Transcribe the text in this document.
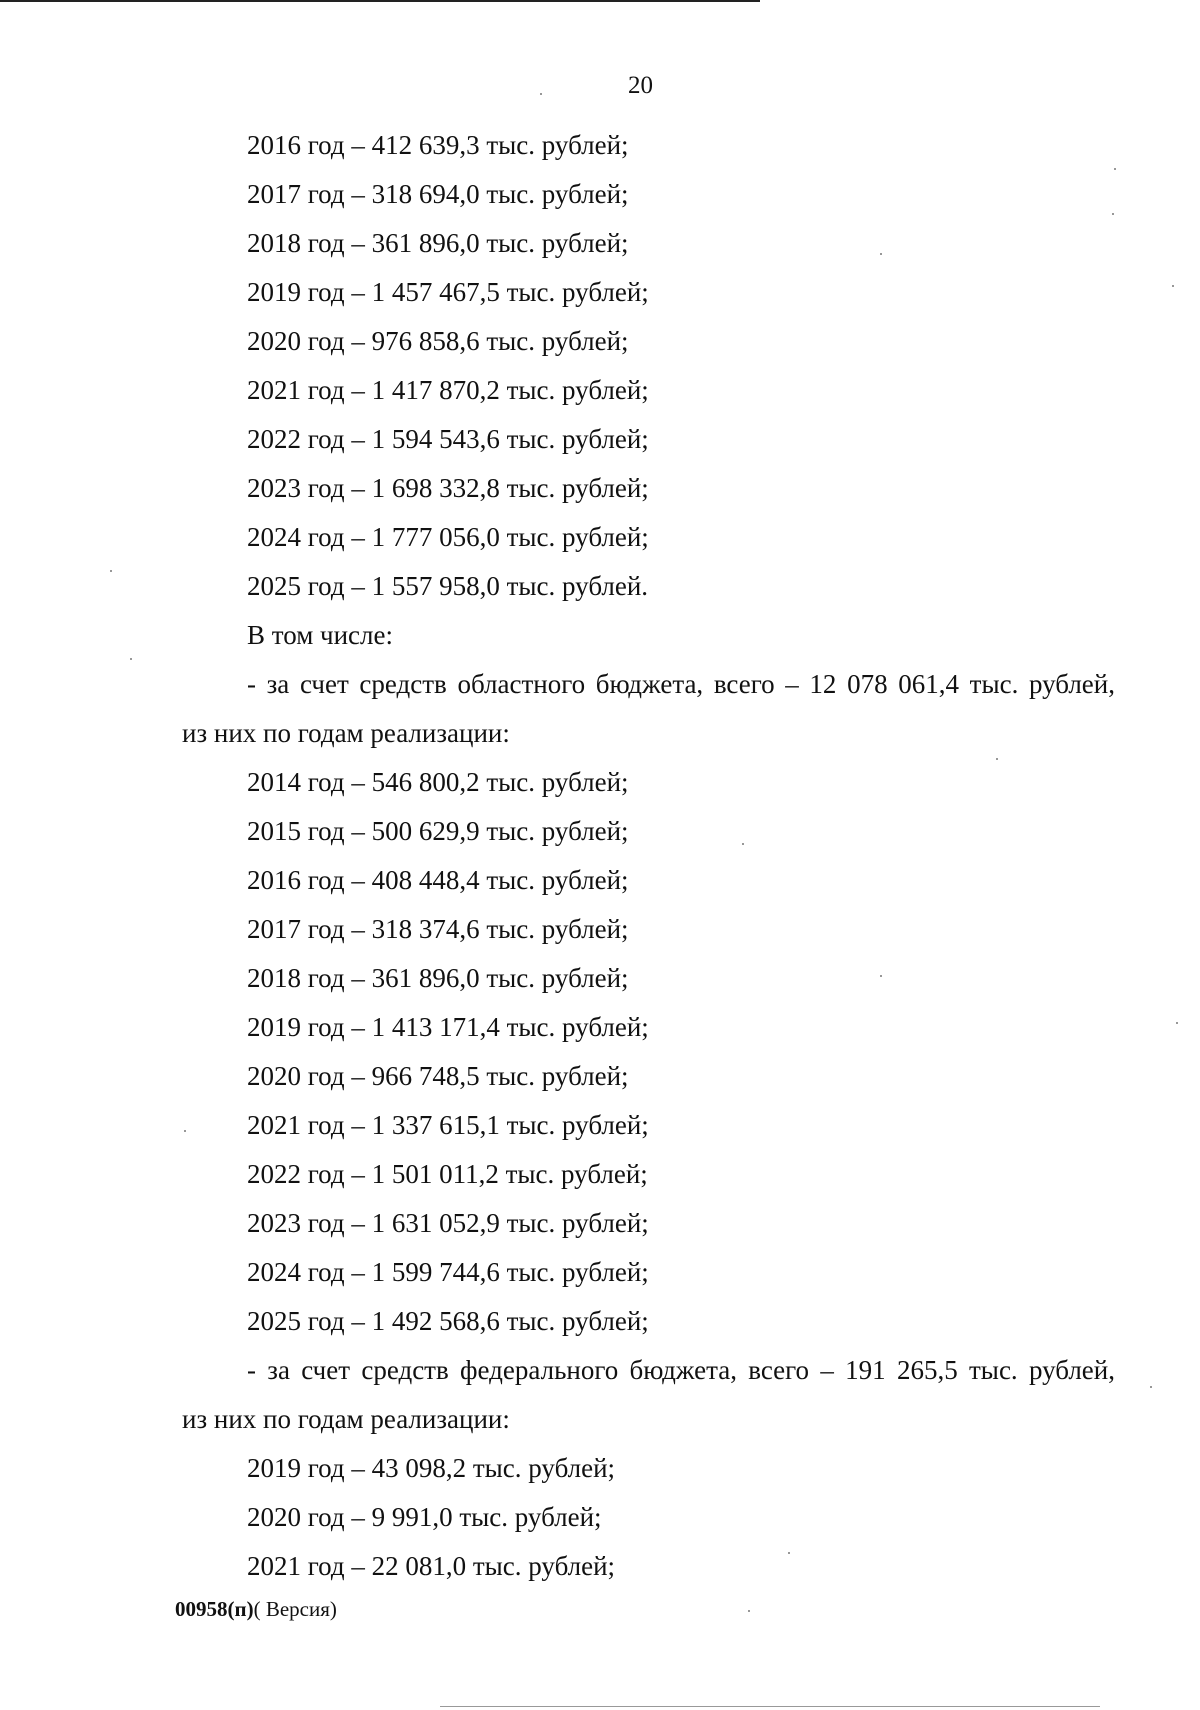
20
2016 год – 412 639,3 тыс. рублей;
2017 год – 318 694,0 тыс. рублей;
2018 год – 361 896,0 тыс. рублей;
2019 год – 1 457 467,5 тыс. рублей;
2020 год – 976 858,6 тыс. рублей;
2021 год – 1 417 870,2 тыс. рублей;
2022 год – 1 594 543,6 тыс. рублей;
2023 год – 1 698 332,8 тыс. рублей;
2024 год – 1 777 056,0 тыс. рублей;
2025 год – 1 557 958,0 тыс. рублей.
В том числе:
- за счет средств областного бюджета, всего – 12 078 061,4 тыс. рублей,
из них по годам реализации:
2014 год – 546 800,2 тыс. рублей;
2015 год – 500 629,9 тыс. рублей;
2016 год – 408 448,4 тыс. рублей;
2017 год – 318 374,6 тыс. рублей;
2018 год – 361 896,0 тыс. рублей;
2019 год – 1 413 171,4 тыс. рублей;
2020 год – 966 748,5 тыс. рублей;
2021 год – 1 337 615,1 тыс. рублей;
2022 год – 1 501 011,2 тыс. рублей;
2023 год – 1 631 052,9 тыс. рублей;
2024 год – 1 599 744,6 тыс. рублей;
2025 год – 1 492 568,6 тыс. рублей;
- за счет средств федерального бюджета, всего – 191 265,5 тыс. рублей,
из них по годам реализации:
2019 год – 43 098,2 тыс. рублей;
2020 год – 9 991,0 тыс. рублей;
2021 год – 22 081,0 тыс. рублей;
00958(п)( Версия)
